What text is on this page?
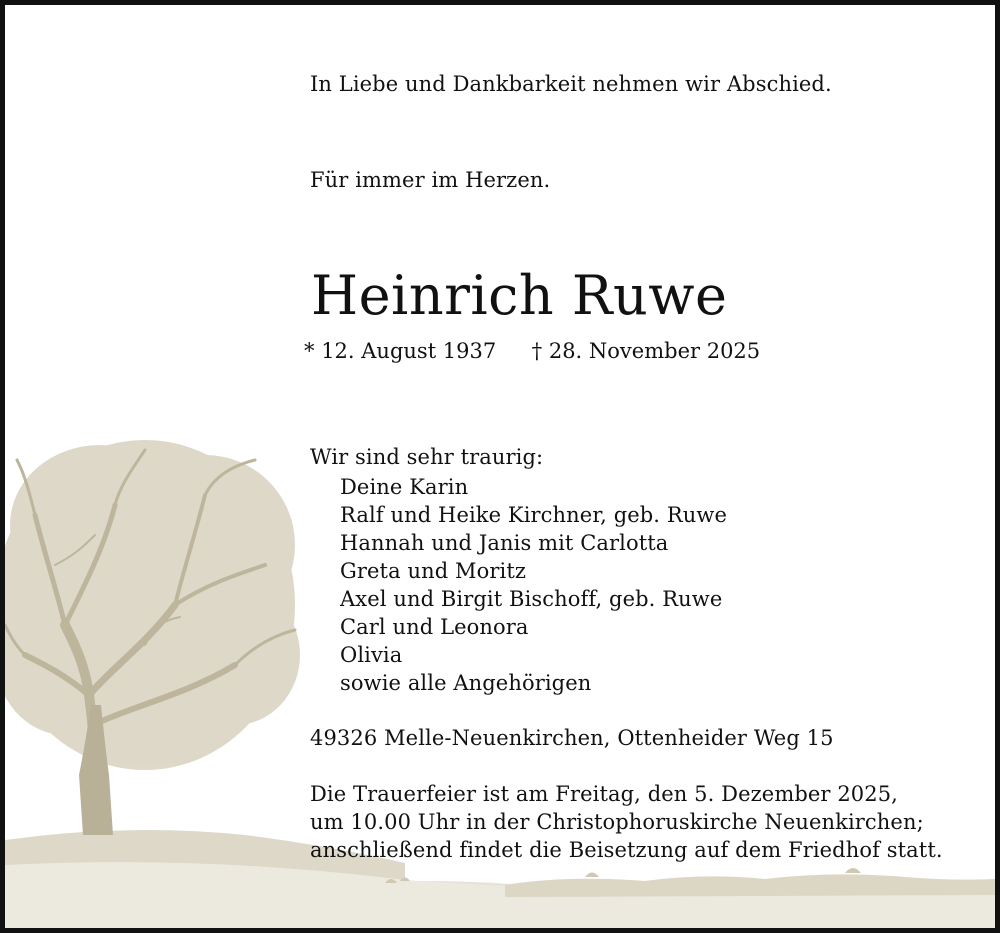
In Liebe und Dankbarkeit nehmen wir Abschied.
Für immer im Herzen.
Heinrich Ruwe
* 12. August 1937 † 28. November 2025
Wir sind sehr traurig:
Deine Karin
Ralf und Heike Kirchner, geb. Ruwe
Hannah und Janis mit Carlotta
Greta und Moritz
Axel und Birgit Bischoff, geb. Ruwe
Carl und Leonora
Olivia
sowie alle Angehörigen
49326 Melle-Neuenkirchen, Ottenheider Weg 15
Die Trauerfeier ist am Freitag, den 5. Dezember 2025,
um 10.00 Uhr in der Christophoruskirche Neuenkirchen;
anschließend findet die Beisetzung auf dem Friedhof statt.
